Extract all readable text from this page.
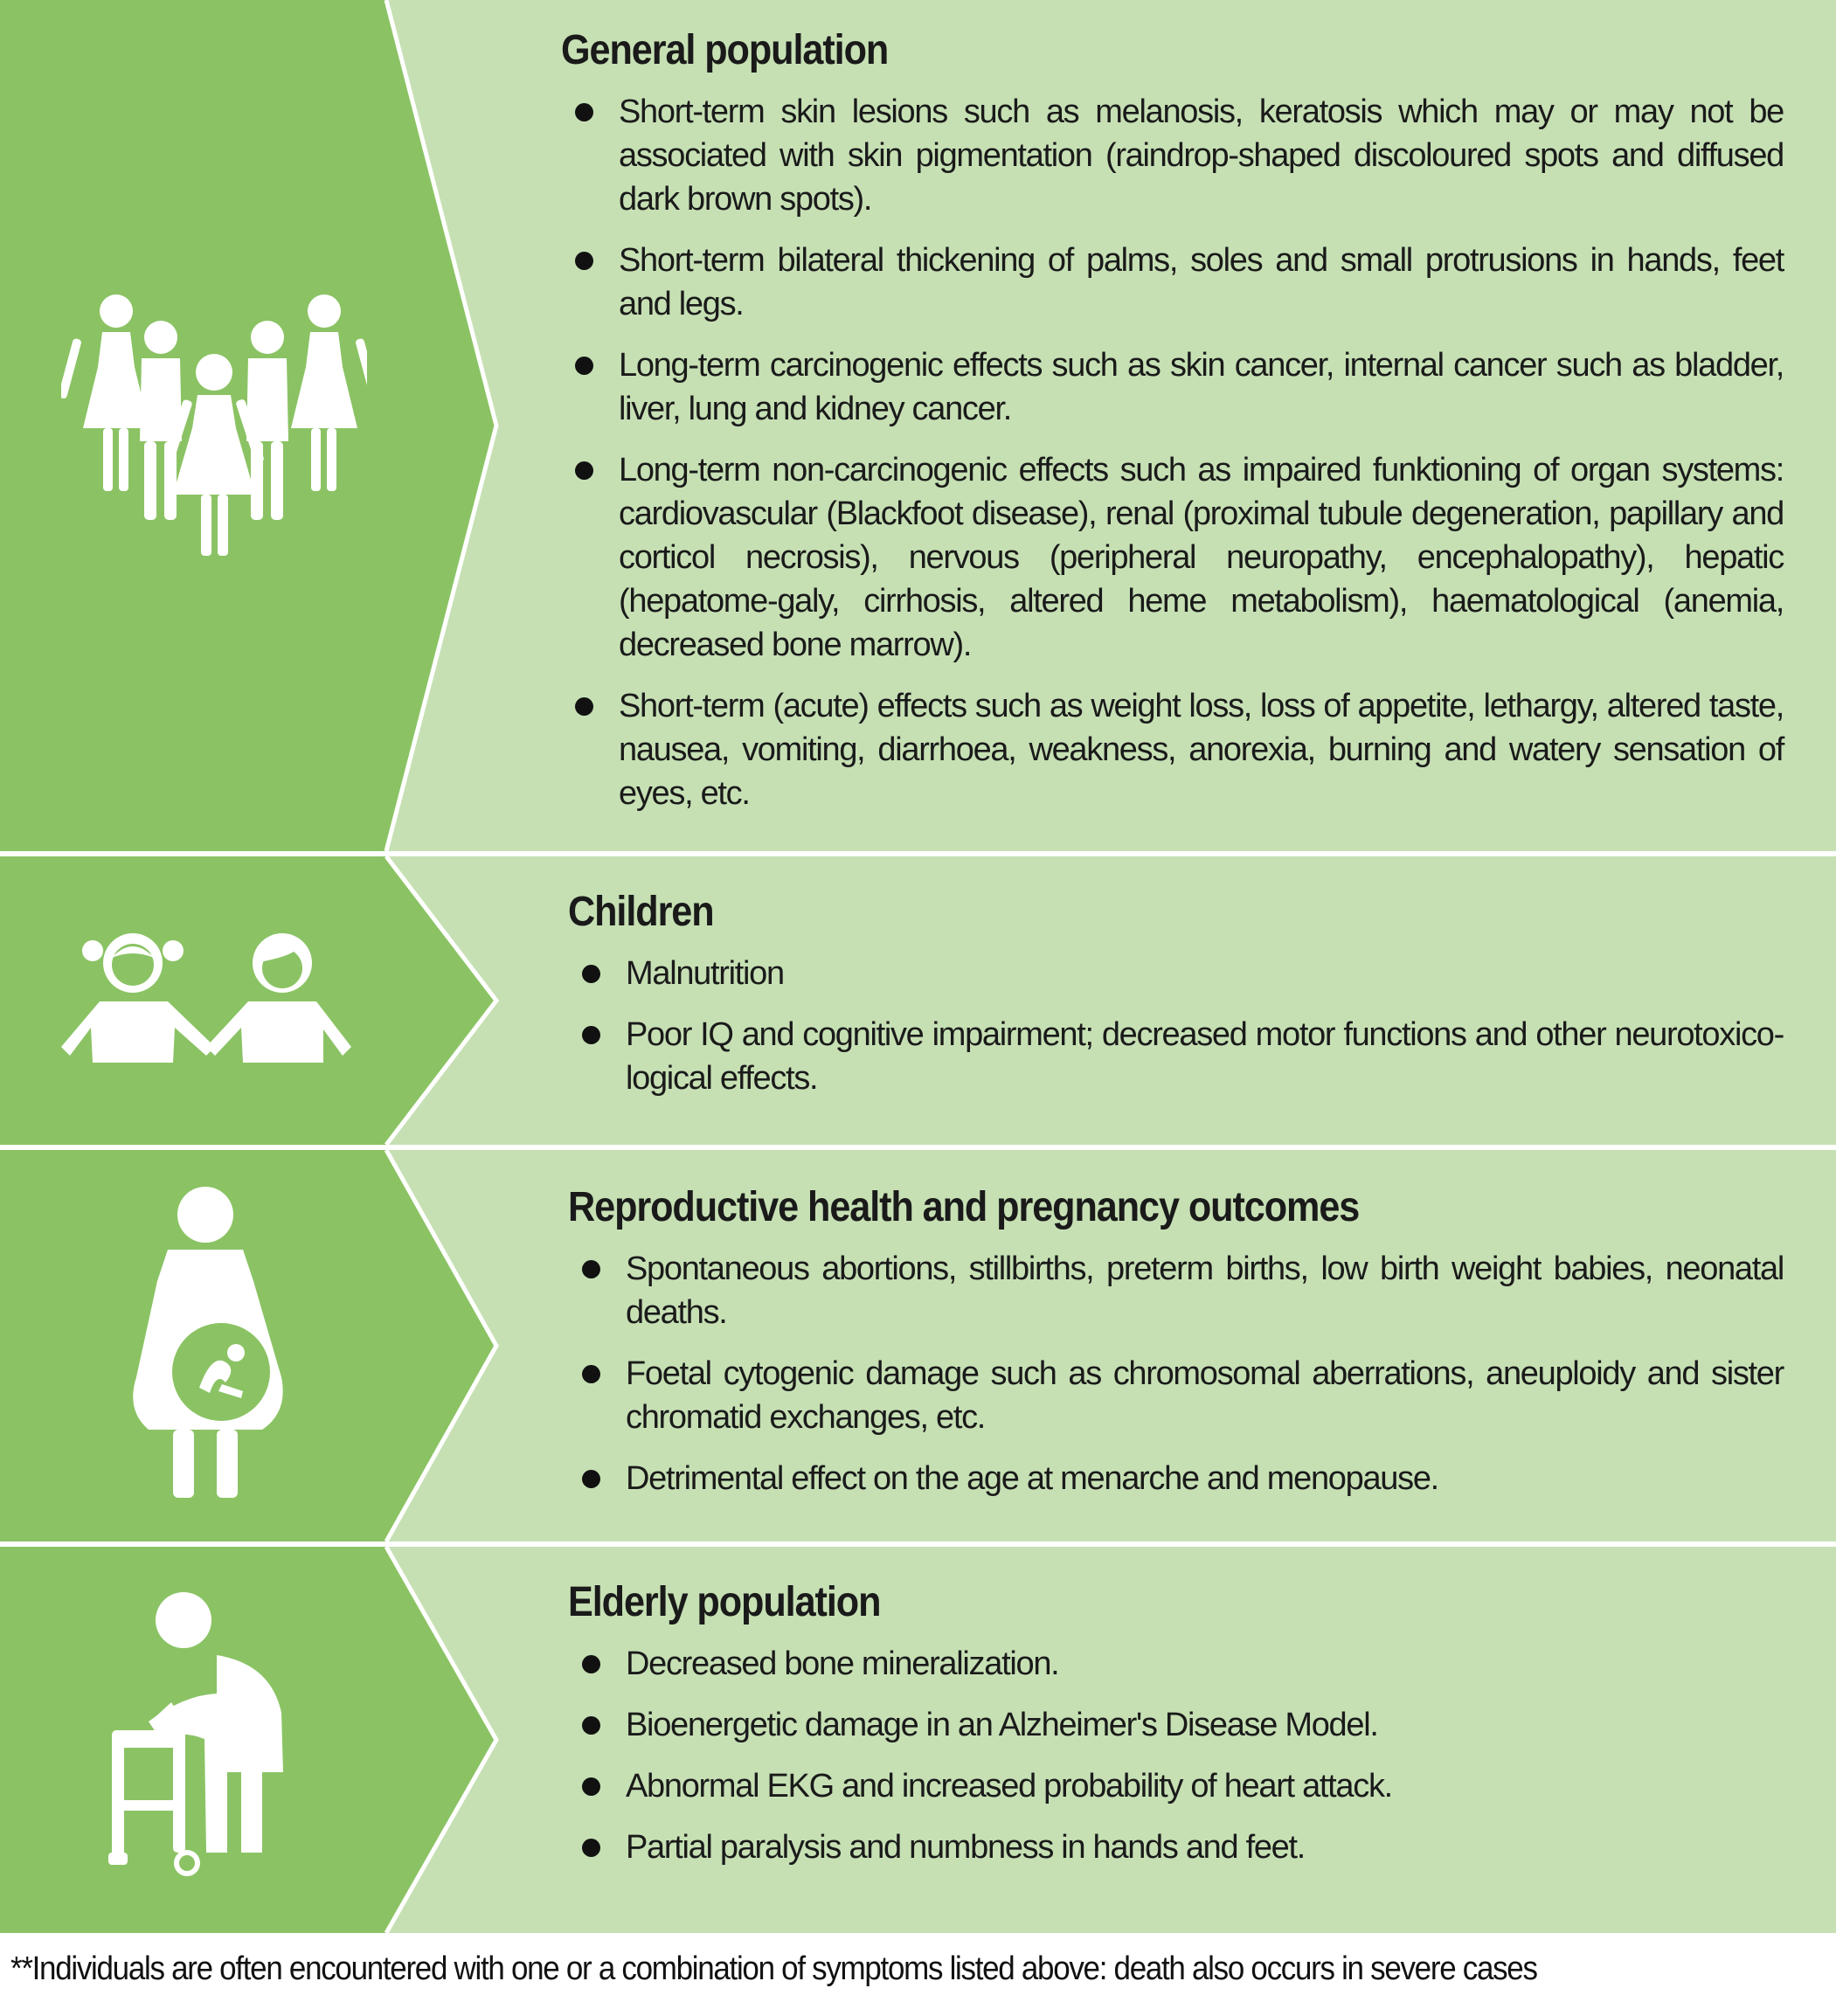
General population
Short-term skin lesions such as melanosis, keratosis which may or may not be associated with skin pigmentation (raindrop-shaped discoloured spots and diffused dark brown spots).
Short-term bilateral thickening of palms, soles and small protrusions in hands, feet and legs.
Long-term carcinogenic effects such as skin cancer, internal cancer such as bladder, liver, lung and kidney cancer.
Long-term non-carcinogenic effects such as impaired funktioning of organ systems: cardiovascular (Blackfoot disease), renal (proximal tubule degeneration, papillary and corticol necrosis), nervous (peripheral neuropathy, encephalopathy), hepatic (hepatome-galy, cirrhosis, altered heme metabolism), haematological (anemia, decreased bone marrow).
Short-term (acute) effects such as weight loss, loss of appetite, lethargy, altered taste, nausea, vomiting, diarrhoea, weakness, anorexia, burning and watery sensation of eyes, etc.
Children
Malnutrition
Poor IQ and cognitive impairment; decreased motor functions and other neurotoxico-logical effects.
Reproductive health and pregnancy outcomes
Spontaneous abortions, stillbirths, preterm births, low birth weight babies, neonatal deaths.
Foetal cytogenic damage such as chromosomal aberrations, aneuploidy and sister chromatid exchanges, etc.
Detrimental effect on the age at menarche and menopause.
Elderly population
Decreased bone mineralization.
Bioenergetic damage in an Alzheimer's Disease Model.
Abnormal EKG and increased probability of heart attack.
Partial paralysis and numbness in hands and feet.
**Individuals are often encountered with one or a combination of symptoms listed above: death also occurs in severe cases
